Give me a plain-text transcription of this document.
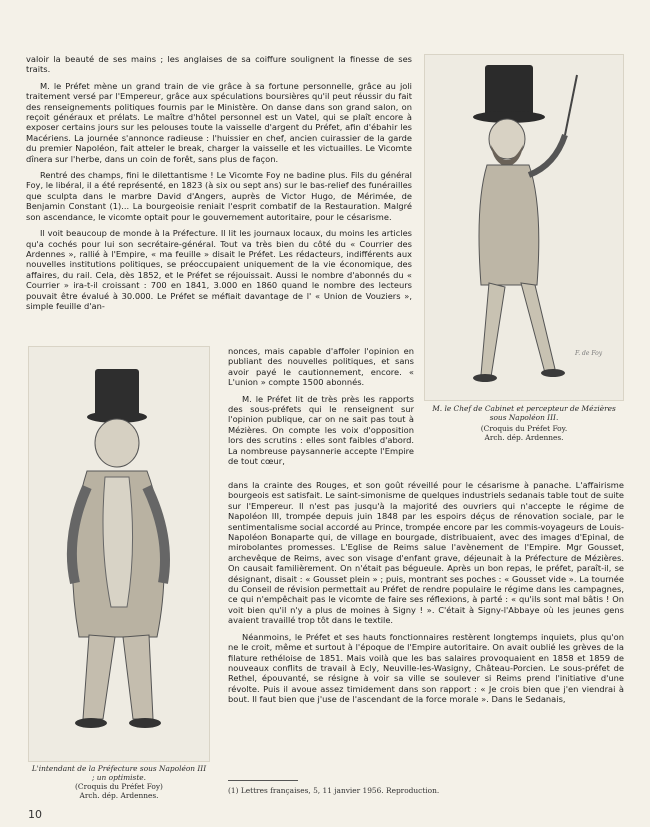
valoir la beauté de ses mains ; les anglaises de sa coiffure soulignent la finesse de ses traits.

M. le Préfet mène un grand train de vie grâce à sa fortune personnelle, grâce au joli traitement versé par l'Empereur, grâce aux spéculations boursières qu'il peut réussir du fait des renseignements politiques fournis par le Ministère. On danse dans son grand salon, on reçoit généraux et prélats. Le maître d'hôtel personnel est un Vatel, qui se plaît encore à exposer certains jours sur les pelouses toute la vaisselle d'argent du Préfet, afin d'ébahir les Macériens. La journée s'annonce radieuse : l'huissier en chef, ancien cuirassier de la garde du premier Napoléon, fait atteler le break, charger la vaisselle et les victuailles. Le Vicomte dînera sur l'herbe, dans un coin de forêt, sans plus de façon.

Rentré des champs, fini le dilettantisme ! Le Vicomte Foy ne badine plus. Fils du général Foy, le libéral, il a été représenté, en 1823 (à six ou sept ans) sur le bas-relief des funérailles que sculpta dans le marbre David d'Angers, auprès de Victor Hugo, de Mérimée, de Benjamin Constant (1)... La bourgeoisie reniait l'esprit combatif de la Restauration. Malgré son ascendance, le vicomte optait pour le gouvernement autoritaire, pour le césarisme.

Il voit beaucoup de monde à la Préfecture. Il lit les journaux locaux, du moins les articles qu'a cochés pour lui son secrétaire-général. Tout va très bien du côté du « Courrier des Ardennes », rallié à l'Empire, « ma feuille » disait le Préfet. Les rédacteurs, indifférents aux nouvelles institutions politiques, se préoccupaient uniquement de la vie économique, des affaires, du rail. Cela, dès 1852, et le Préfet se réjouissait. Aussi le nombre d'abonnés du « Courrier » ira-t-il croissant : 700 en 1841, 3.000 en 1860 quand le nombre des lecteurs pouvait être évalué à 30.000. Le Préfet se méfiait davantage de l' « Union de Vouziers », simple feuille d'an-

F. de Foy
M. le Chef de Cabinet et percepteur de Mézières sous Napoléon III.
(Croquis du Préfet Foy.
Arch. dép. Ardennes.
L'intendant de la Préfecture sous Napoléon III ; un optimiste.
(Croquis du Préfet Foy)
Arch. dép. Ardennes.

nonces, mais capable d'affoler l'opinion en publiant des nouvelles politiques, et sans avoir payé le cautionnement, encore. « L'union » compte 1500 abonnés.

M. le Préfet lit de très près les rapports des sous-préfets qui le renseignent sur l'opinion publique, car on ne sait pas tout à Mézières. On compte les voix d'opposition lors des scrutins : elles sont faibles d'abord. La nombreuse paysannerie accepte l'Empire de tout cœur,

dans la crainte des Rouges, et son goût réveillé pour le césarisme à panache. L'affairisme bourgeois est satisfait. Le saint-simonisme de quelques industriels sedanais table tout de suite sur l'Empereur. Il n'est pas jusqu'à la majorité des ouvriers qui n'accepte le régime de Napoléon III, trompée depuis juin 1848 par les espoirs déçus de rénovation sociale, par le sentimentalisme social accordé au Prince, trompée encore par les commis-voyageurs de Louis-Napoléon Bonaparte qui, de village en bourgade, distribuaient, avec des images d'Epinal, de mirobolantes promesses. L'Eglise de Reims salue l'avènement de l'Empire. Mgr Gousset, archevêque de Reims, avec son visage d'enfant grave, déjeunait à la Préfecture de Mézières. On causait familièrement. On n'était pas bégueule. Après un bon repas, le préfet, paraît-il, se désignant, disait : « Gousset plein » ; puis, montrant ses poches : « Gousset vide ». La tournée du Conseil de révision permettait au Préfet de rendre populaire le régime dans les campagnes, ce qui n'empêchait pas le vicomte de faire ses réflexions, à parté : « qu'ils sont mal bâtis ! On voit bien qu'il n'y a plus de moines à Signy ! ». C'était à Signy-l'Abbaye où les jeunes gens avaient travaillé trop tôt dans le textile.

Néanmoins, le Préfet et ses hauts fonctionnaires restèrent longtemps inquiets, plus qu'on ne le croit, même et surtout à l'époque de l'Empire autoritaire. On avait oublié les grèves de la filature rethéloise de 1851. Mais voilà que les bas salaires provoquaient en 1858 et 1859 de nouveaux conflits de travail à Ecly, Neuville-les-Wasigny, Château-Porcien. Le sous-préfet de Rethel, épouvanté, se résigne à voir sa ville se soulever si Reims prend l'initiative d'une révolte. Puis il avoue assez timidement dans son rapport : « Je crois bien que j'en viendrai à bout. Il faut bien que j'use de l'ascendant de la force morale ». Dans le Sedanais,

(1) Lettres françaises, 5, 11 janvier 1956. Reproduction.
10
